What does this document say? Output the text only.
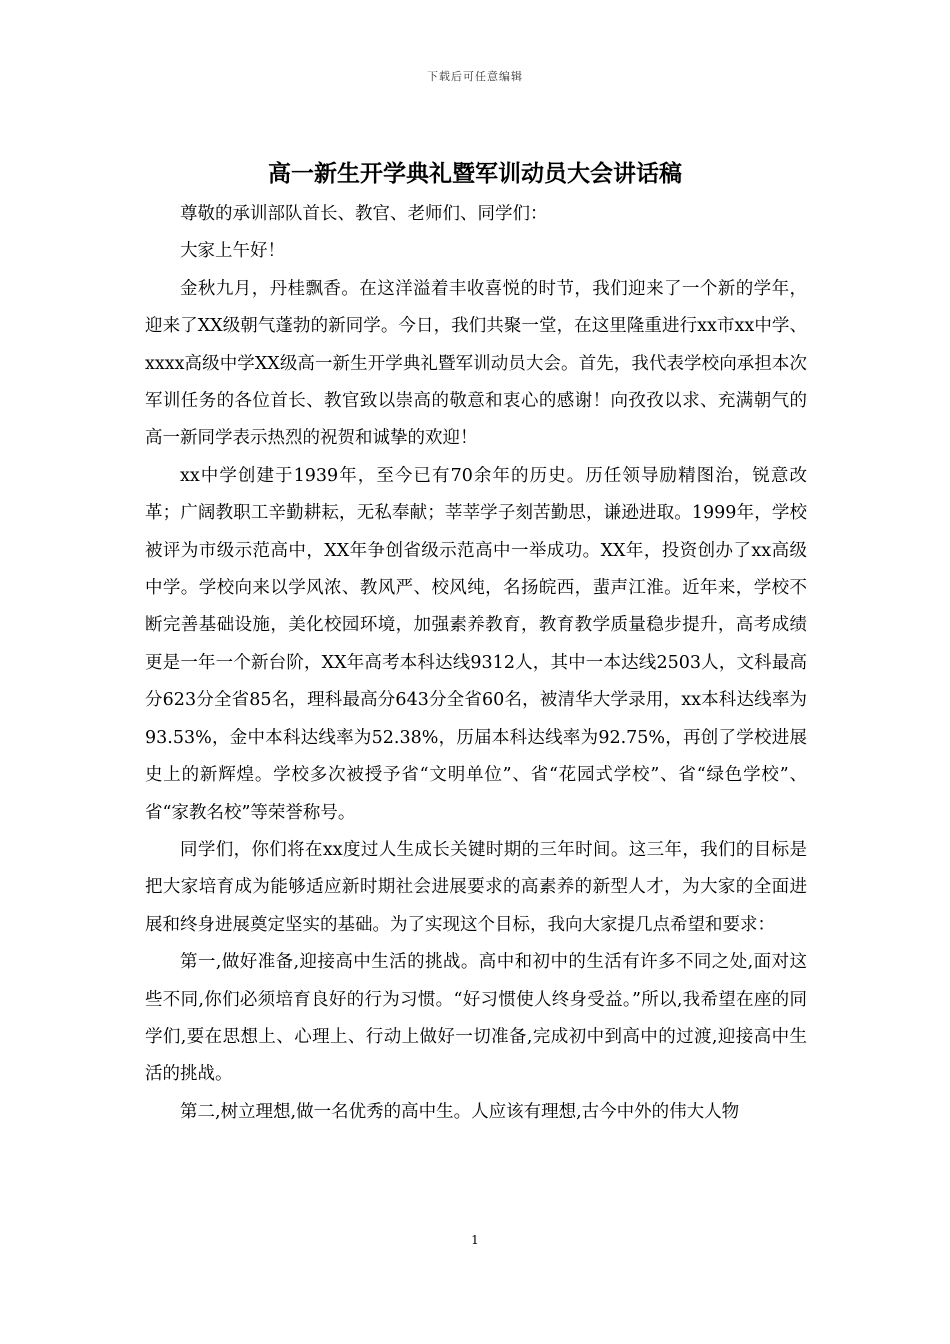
下载后可任意编辑
高一新生开学典礼暨军训动员大会讲话稿

尊敬的承训部队首长、教官、老师们、同学们：

大家上午好！

金秋九月，丹桂飘香。在这洋溢着丰收喜悦的时节，我们迎来了一个新的学年，迎来了XX级朝气蓬勃的新同学。今日，我们共聚一堂，在这里隆重进行xx市xx中学、xxxx高级中学XX级高一新生开学典礼暨军训动员大会。首先，我代表学校向承担本次军训任务的各位首长、教官致以崇高的敬意和衷心的感谢！向孜孜以求、充满朝气的高一新同学表示热烈的祝贺和诚挚的欢迎！

xx中学创建于1939年，至今已有70余年的历史。历任领导励精图治，锐意改革；广阔教职工辛勤耕耘，无私奉献；莘莘学子刻苦勤思，谦逊进取。1999年，学校被评为市级示范高中，XX年争创省级示范高中一举成功。XX年，投资创办了xx高级中学。学校向来以学风浓、教风严、校风纯，名扬皖西，蜚声江淮。近年来，学校不断完善基础设施，美化校园环境，加强素养教育，教育教学质量稳步提升，高考成绩更是一年一个新台阶，XX年高考本科达线9312人，其中一本达线2503人，文科最高分623分全省85名，理科最高分643分全省60名，被清华大学录用，xx本科达线率为93.53%，金中本科达线率为52.38%，历届本科达线率为92.75%，再创了学校进展史上的新辉煌。学校多次被授予省“文明单位”、省“花园式学校”、省“绿色学校”、省“家教名校”等荣誉称号。

同学们，你们将在xx度过人生成长关键时期的三年时间。这三年，我们的目标是把大家培育成为能够适应新时期社会进展要求的高素养的新型人才，为大家的全面进展和终身进展奠定坚实的基础。为了实现这个目标，我向大家提几点希望和要求：

第一,做好准备,迎接高中生活的挑战。高中和初中的生活有许多不同之处,面对这些不同,你们必须培育良好的行为习惯。“好习惯使人终身受益。”所以,我希望在座的同学们,要在思想上、心理上、行动上做好一切准备,完成初中到高中的过渡,迎接高中生活的挑战。

第二,树立理想,做一名优秀的高中生。人应该有理想,古今中外的伟大人物

1
